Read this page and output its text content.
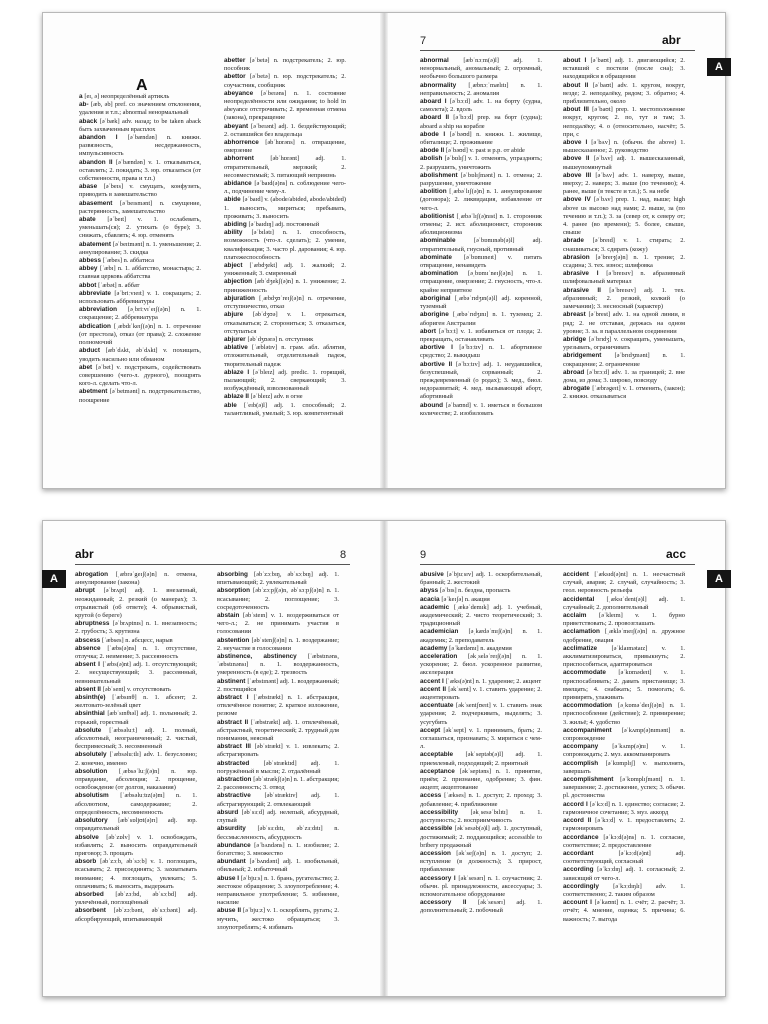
A

a [eɪ, ə] неопределённый артикль

ab- [æb, əb] pref. со значением отклонения, удаления и т.п.; abnormal ненормальный

aback [əˈbæk] adv. назад; to be taken aback быть захваченным врасплох

abandon I [əˈbændən] n. книжн. развязность, несдержанность, импульсивность

abandon II [əˈbændən] v. 1. отказываться, оставлять; 2. покидать; 3. юр. отказаться (от собственности, права и т.п.)

abase [əˈbeɪs] v. смущать, конфузить, приводить в замешательство

abasement [əˈbeɪsmənt] n. смущение, растерянность, замешательство

abate [əˈbeɪt] v. 1. ослабевать, уменьшать(ся); 2. утихать (о буре); 3. снижать, сбавлять; 4. юр. отменять

abatement [əˈbeɪtmənt] n. 1. уменьшение; 2. аннулирование; 3. скидка

abbess [ˈæbes] n. аббатиса

abbey [ˈæbɪ] n. 1. аббатство, монастырь; 2. главная церковь аббатства

abbot [ˈæbət] n. аббат

abbreviate [əˈbriːvɪeɪt] v. 1. сокращать; 2. использовать аббревиатуры

abbreviation [əˌbriːvɪˈeɪʃ(ə)n] n. 1. сокращение; 2. аббревиатура

abdication [ˌæbdɪˈkeɪʃ(ə)n] n. 1. отречение (от престола), отказ (от права); 2. сложение полномочий

abduct [æbˈdʌkt, əbˈdʌkt] v. похищать, уводить насильно или обманом

abet [əˈbet] v. подстрекать, содействовать совершению (чего-л. дурного), поощрять кого-л. сделать что-л.

abetment [əˈbetmənt] n. подстрекательство, поощрение

abetter [əˈbetə] n. подстрекатель; 2. юр. пособник

abettor [əˈbetə] n. юр. подстрекатель; 2. соучастник, сообщник

abeyance [əˈbeɪəns] n. 1. состояние неопределённости или ожидания; to hold in abeyance отстрочивать; 2. временная отмена (закона), прекращение

abeyant [əˈbeɪənt] adj. 1. бездействующий; 2. оставшийся без владельца

abhorrence [əbˈhɒrəns] n. отвращение, омерзение

abhorrent [əbˈhɒrənt] adj. 1. отвратительный, мерзкий; 2. несовместимый; 3. питающий неприязнь

abidance [əˈbaɪd(ə)ns] n. соблюдение чего-л., подчинение чему-л.

abide [əˈbaɪd] v. (abode/abided, abode/abided) 1. выносить, мириться; пребывать, проживать; 3. выносить

abiding [əˈbaɪdɪŋ] adj. постоянный

ability [əˈbɪlətɪ] n. 1. способность, возможность (что-л. сделать); 2. умение, квалификация; 3. часто pl. дарования; 4. юр. платежеспособность

abject [ˈæbdʒekt] adj. 1. жалкий; 2. униженный; 3. смиренный

abjection [æbˈdʒekʃ(ə)n] n. 1. унижение; 2. приниженность

abjuration [ˌæbdʒʊˈreɪʃ(ə)n] n. отречение, отступничество, отказ

abjure [əbˈdʒʊə] v. 1. отрекаться, отказываться; 2. сторониться; 3. отказаться, отступаться

abjurer [əbˈdʒʊərə] n. отступник

ablative [ˈæblətɪv] n. грам. абл. аблятив, отложительный, отделительный падеж, творительный падеж

ablaze I [əˈbleɪz] adj. predic. 1. горящий, пылающий; 2. сверкающий; 3. возбуждённый, взволнованный

ablaze II [əˈbleɪz] adv. в огне

able [ˈeɪb(ə)l] adj. 1. способный; 2. талантливый, умелый; 3. юр. компетентный

7	abr

abnormal [æbˈnɔːm(ə)l] adj. 1. ненормальный, аномальный; 2. огромный, необычно большого размера

abnormality [ˌæbnɔːˈmælɪtɪ] n. 1. неправильность; 2. аномалия

aboard I [əˈbɔːd] adv. 1. на борту (судна, самолета); 2. вдоль

aboard II [əˈbɔːd] prep. на борт (судна); aboard a ship на корабле

abode I [əˈbəʊd] n. книжн. 1. жилище, обиталище; 2. проживание

abode II [əˈbəʊd] v. past и p.p. от abide

abolish [əˈbɒlɪʃ] v. 1. отменять, упразднять; 2. разрушить, уничтожить

abolishment [əˈbɒlɪʃmənt] n. 1. отмена; 2. разрушение, уничтожение

abolition [ˌæbəˈlɪʃ(ə)n] n. 1. аннулирование (договора); 2. ликвидация, избавление от чего-л.

abolitionist [ˌæbəˈlɪʃ(ə)nɪst] n. 1. сторонник отмены; 2. ист. аболиционист, сторонник аболиционизма

abominable [əˈbɒmɪnəb(ə)l] adj. отвратительный, гнусный, противный

abominate [əˈbɒmɪneɪt] v. питать отвращение, ненавидеть

abomination [əˌbɒmɪˈneɪʃ(ə)n] n. 1. отвращение, омерзение; 2. гнусность, что-л. крайне неприятное

aboriginal [ˌæbəˈrɪdʒɪn(ə)l] adj. коренной, туземный

aborigine [ˌæbəˈrɪdʒɪnɪ] n. 1. туземец; 2. абориген Австралии

abort [əˈbɔːt] v. 1. избавиться от плода; 2. прекращать, останавливать

abortive I [əˈbɔːtɪv] n. 1. абортивное средство; 2. выкидыш

abortive II [əˈbɔːtɪv] adj. 1. неудавшийся, безуспешный, сорванный; 2. преждевременный (о родах); 3. мед., биол. недоразвитый; 4. мед. вызывающий аборт, абортивный

abound [əˈbaʊnd] v. 1. иметься в большом количестве; 2. изобиловать

about I [əˈbaʊt] adj. 1. двигающийся; 2. вставший с постели (после сна); 3. находящийся в обращении

about II [əˈbaʊt] adv. 1. кругом, вокруг, везде; 2. неподалёку, рядом; 3. обратно; 4. приблизительно, около

about III [əˈbaʊt] prep. 1. местоположение вокруг, кругом; 2. по, тут и там; 3. неподалёку; 4. о (относительно, насчёт; 5. при, с

above I [əˈbʌv] n. (обычн. the above) 1. вышесказанное; 2. руководство

above II [əˈbʌv] adj. 1. вышесказанный, вышеупомянутый

above III [əˈbʌv] adv. 1. наверху, выше, вверху; 2. наверх; 3. выше (по течению); 4. ранее, выше (в тексте и т.п.); 5. на небе

above IV [əˈbʌv] prep. 1. над, выше; high above us высоко над нами; 2. выше, за (по течению и т.п.); 3. за (север от, к северу от; 4. ранее (во времени); 5. более, свыше, свыше

abrade [əˈbreɪd] v. 1. стирать; 2. снашиваться; 3. сдирать (кожу)

abrasion [əˈbreɪʒ(ə)n] n. 1. трение; 2. ссадина; 3. тех. износ; шлифовка

abrasive I [əˈbreɪsɪv] n. абразивный шлифовальный материал

abrasive II [əˈbreɪsɪv] adj. 1. тех. абразивный; 2. резкий, колкий (о замечании); 3. несносный (характер)

abreast [əˈbrest] adv. 1. на одной линии, в ряд; 2. не отставая, держась на одном уровне; 3. за. в параллельном соединении

abridge [əˈbrɪdʒ] v. сокращать, уменьшать, урезывать, ограничивать

abridgement [əˈbrɪdʒmənt] n. 1. сокращение; 2. ограничение

abroad [əˈbrɔːd] adv. 1. за границей; 2. вне дома, из дома; 3. широко, повсюду

abrogate [ˈæbrəgeɪt] v. 1. отменять, (закон); 2. книжн. отказываться

A
abr	8

abrogation [ˌæbrəˈgeɪʃ(ə)n] n. отмена, аннулирование (закона)

abrupt [əˈbrʌpt] adj. 1. внезапный, неожиданный; 2. резкий (о манерах); 3. отрывистый (об ответе); 4. обрывистый, крутой (о береге)

abruptness [əˈbrʌptnɪs] n. 1. внезапность; 2. грубость; 3. крутизна

abscess [ˈæbses] n. абсцесс, нарыв

absence [ˈæbs(ə)ns] n. 1. отсутствие, отлучка; 2. неимение; 3. рассеянность

absent I [ˈæbs(ə)nt] adj. 1. отсутствующий; 2. несуществующий; 3. рассеянный, невнимательный

absent II [əbˈsent] v. отсутствовать

absinth(e) [ˈæbsɪnθ] n. 1. абсент; 2. желтовато-зелёный цвет

absinthial [æbˈsɪnθɪəl] adj. 1. полынный; 2. горький, горестный

absolute [ˈæbsəluːt] adj. 1. полный, абсолютный, неограниченный; 2. чистый, беспримесный; 3. несомненный

absolutely [ˈæbsəluːtlɪ] adv. 1. безусловно; 2. конечно, именно

absolution [ˌæbsəˈluːʃ(ə)n] n. юр. оправдание, абсолюция; 2. прощение, освобождение (от долгов, наказания)

absolutism [ˈæbsəluːtɪz(ə)m] n. 1. абсолютизм, самодержавие; 2. определённость, несомненность

absolutory [æbˈsɒljʊt(ə)rɪ] adj. юр. оправдательный

absolve [əbˈzɒlv] v. 1. освобождать, избавлять; 2. выносить оправдательный приговор; 3. прощать

absorb [əbˈzɔːb, əbˈsɔːb] v. 1. поглощать, всасывать; 2. присоединять; 3. захватывать внимание; 4. поглощать, увлекать; 5. оплачивать; 6. выносить, выдержать

absorbed [əbˈzɔːbd, əbˈsɔːbd] adj. увлечённый, поглощённый

absorbent [əbˈzɔːbənt, əbˈsɔːbənt] adj. абсорбирующий, впитывающий

absorbing [əbˈzɔːbɪŋ, əbˈsɔːbɪŋ] adj. 1. впитывающий; 2. увлекательный

absorption [əbˈzɔːpʃ(ə)n, əbˈsɔːpʃ(ə)n] n. 1. всасывание; 2. поглощение; 3. сосредоточенность

abstain [əbˈsteɪn] v. 1. воздерживаться от чего-л.; 2. не принимать участия в голосовании

abstention [əbˈstenʃ(ə)n] n. 1. воздержание; 2. неучастие в голосовании

abstinence, abstinency [ˈæbstɪnəns, ˈæbstɪnənsɪ] n. 1. воздержанность, умеренность (в еде); 2. трезвость

abstinent [ˈæbstɪnənt] adj. 1. воздержанный; 2. постящийся

abstract I [ˈæbstrækt] n. 1. абстракция, отвлечённое понятие; 2. краткое изложение, резюме

abstract II [ˈæbstrækt] adj. 1. отвлечённый, абстрактный, теоретический; 2. трудный для понимания, неясный

abstract III [əbˈstrækt] v. 1. извлекать; 2. абстрагировать

abstracted [əbˈstræktɪd] adj. 1. погружённый в мысли; 2. отдалённый

abstraction [əbˈstrækʃ(ə)n] n. 1. абстракция; 2. рассеянность; 3. отвод

abstractive [əbˈstræktɪv] adj. 1. абстрагирующий; 2. отвлекающий

absurd [əbˈsɜːd] adj. нелепый, абсурдный, глупый

absurdity [əbˈsɜːdɪtɪ, əbˈzɜːdɪtɪ] n. бессмысленность, абсурдность

abundance [əˈbʌndəns] n. 1. изобилие; 2. богатство; 3. множество

abundant [əˈbʌndənt] adj. 1. изобильный, обильный; 2. избыточный

abuse I [əˈbjuːs] n. 1. брань, ругательство; 2. жестокое обращение; 3. злоупотребление; 4. неправильное употребление; 5. избиение, насилие

abuse II [əˈbjuːz] v. 1. оскорблять, ругать; 2. мучить, жестоко обращаться; 3. злоупотреблять; 4. избивать

9	acc

abusive [əˈbjuːsɪv] adj. 1. оскорбительный, бранный; 2. жестокий

abyss [əˈbɪs] n. бездна, пропасть

acacia [əˈkeɪʃə] n. акация

academic [ˌækəˈdemɪk] adj. 1. учебный, академический; 2. чисто теоретический; 3. традиционный

academician [əˌkædəˈmɪʃ(ə)n] n. 1. академик; 2. преподаватель

academy [əˈkædəmɪ] n. академия

acceleration [əkˌseləˈreɪʃ(ə)n] n. 1. ускорение; 2. биол. ускоренное развитие, акселерация

accent I [ˈæks(ə)nt] n. 1. ударение; 2. акцент

accent II [əkˈsent] v. 1. ставить ударение; 2. акцентировать

accentuate [əkˈsentʃʊeɪt] v. 1. ставить знак ударения; 2. подчеркивать, выделять; 3. усугубить

accept [əkˈsept] v. 1. принимать, брать; 2. соглашаться, признавать; 3. мириться с чем-л.

acceptable [əkˈseptəb(ə)l] adj. 1. приемлемый, подходящий; 2. приятный

acceptance [əkˈseptəns] n. 1. принятие, приём; 2. признание, одобрение; 3. фин. акцепт, акцептование

access [ˈækses] n. 1. доступ; 2. проход; 3. добавление; 4. приближение

accessibility [əkˌsesəˈbɪlɪtɪ] n. 1. доступность; 2. восприимчивость

accessible [əkˈsesəb(ə)l] adj. 1. доступный, достижимый; 2. поддающийся; accessible to bribery продажный

accession [əkˈseʃ(ə)n] n. 1. доступ; 2. вступление (в должность); 3. прирост, прибавление

accessory I [əkˈsesərɪ] n. 1. соучастник; 2. обычн. pl. принадлежности, аксессуары; 3. вспомогательное оборудование

accessory II [əkˈsesərɪ] adj. 1. дополнительный; 2. побочный

accident [ˈæksɪd(ə)nt] n. 1. несчастный случай, авария; 2. случай, случайность; 3. геол. неровность рельефа

accidental [ˌæksɪˈdent(ə)l] adj. 1. случайный; 2. дополнительный

acclaim [əˈkleɪm] v. 1. бурно приветствовать; 2. провозглашать

acclamation [ˌækləˈmeɪʃ(ə)n] n. дружное одобрение, овация

acclimatize [əˈklaɪmətaɪz] v. 1. акклиматизироваться, привыкнуть; 2. приспособиться, адаптироваться

accommodate [əˈkɒmədeɪt] v. 1. приспосабливать; 2. давать пристанище; 3. вмещать; 4. снабжать; 5. помогать; 6. примирять, улаживать

accommodation [əˌkɒməˈdeɪʃ(ə)n] n. 1. приспособление (действие); 2. примирение; 3. жильё; 4. удобство

accompaniment [əˈkʌmp(ə)nɪmənt] n. сопровождение

accompany [əˈkʌmp(ə)nɪ] v. 1. сопровождать; 2. муз. аккомпанировать

accomplish [əˈkɒmplɪʃ] v. выполнять, завершать

accomplishment [əˈkɒmplɪʃmənt] n. 1. завершение; 2. достижение, успех; 3. обычн. pl. достоинства

accord I [əˈkɔːd] n. 1. единство; согласие; 2. гармоничное сочетание; 3. муз. аккорд

accord II [əˈkɔːd] v. 1. предоставлять; 2. гармонировать

accordance [əˈkɔːd(ə)ns] n. 1. согласие, соответствие; 2. предоставление

accordant [əˈkɔːd(ə)nt] adj. соответствующий, согласный

according [əˈkɔːdɪŋ] adj. 1. согласный; 2. зависящий от чего-л.

accordingly [əˈkɔːdɪŋlɪ] adv. 1. соответственно; 2. таким образом

account I [əˈkaʊnt] n. 1. счёт; 2. расчёт; 3. отчёт; 4. мнение, оценка; 5. причина; 6. важность; 7. выгода

A	A
